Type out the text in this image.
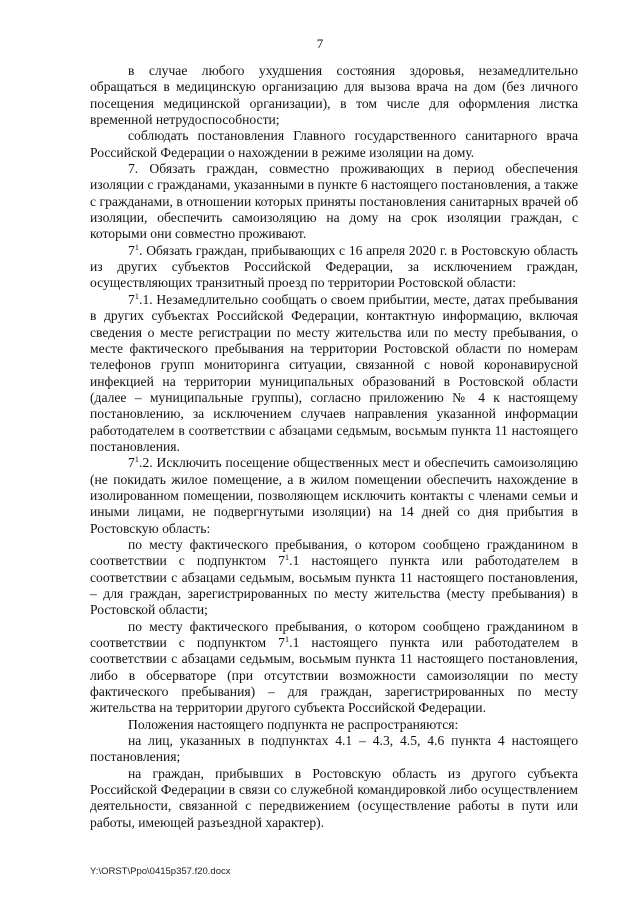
7

в случае любого ухудшения состояния здоровья, незамедлительно обращаться в медицинскую организацию для вызова врача на дом (без личного посещения медицинской организации), в том числе для оформления листка временной нетрудоспособности;

соблюдать постановления Главного государственного санитарного врача Российской Федерации о нахождении в режиме изоляции на дому.

7. Обязать граждан, совместно проживающих в период обеспечения изоляции с гражданами, указанными в пункте 6 настоящего постановления, а также с гражданами, в отношении которых приняты постановления санитарных врачей об изоляции, обеспечить самоизоляцию на дому на срок изоляции граждан, с которыми они совместно проживают.

$7^1$. Обязать граждан, прибывающих с 16 апреля 2020 г. в Ростовскую область из других субъектов Российской Федерации, за исключением граждан, осуществляющих транзитный проезд по территории Ростовской области:

$7^1.1$. Незамедлительно сообщать о своем прибытии, месте, датах пребывания в других субъектах Российской Федерации, контактную информацию, включая сведения о месте регистрации по месту жительства или по месту пребывания, о месте фактического пребывания на территории Ростовской области по номерам телефонов групп мониторинга ситуации, связанной с новой коронавирусной инфекцией на территории муниципальных образований в Ростовской области (далее – муниципальные группы), согласно приложению № 4 к настоящему постановлению, за исключением случаев направления указанной информации работодателем в соответствии с абзацами седьмым, восьмым пункта 11 настоящего постановления.

$7^1.2$. Исключить посещение общественных мест и обеспечить самоизоляцию (не покидать жилое помещение, а в жилом помещении обеспечить нахождение в изолированном помещении, позволяющем исключить контакты с членами семьи и иными лицами, не подвергнутыми изоляции) на 14 дней со дня прибытия в Ростовскую область:

по месту фактического пребывания, о котором сообщено гражданином в соответствии с подпунктом $7^1.1$ настоящего пункта или работодателем в соответствии с абзацами седьмым, восьмым пункта 11 настоящего постановления, – для граждан, зарегистрированных по месту жительства (месту пребывания) в Ростовской области;

по месту фактического пребывания, о котором сообщено гражданином в соответствии с подпунктом $7^1.1$ настоящего пункта или работодателем в соответствии с абзацами седьмым, восьмым пункта 11 настоящего постановления, либо в обсерваторе (при отсутствии возможности самоизоляции по месту фактического пребывания) – для граждан, зарегистрированных по месту жительства на территории другого субъекта Российской Федерации.

Положения настоящего подпункта не распространяются:

на лиц, указанных в подпунктах 4.1 – 4.3, 4.5, 4.6 пункта 4 настоящего постановления;

на граждан, прибывших в Ростовскую область из другого субъекта Российской Федерации в связи со служебной командировкой либо осуществлением деятельности, связанной с передвижением (осуществление работы в пути или работы, имеющей разъездной характер).

Y:\ORST\Ppo\0415p357.f20.docx
